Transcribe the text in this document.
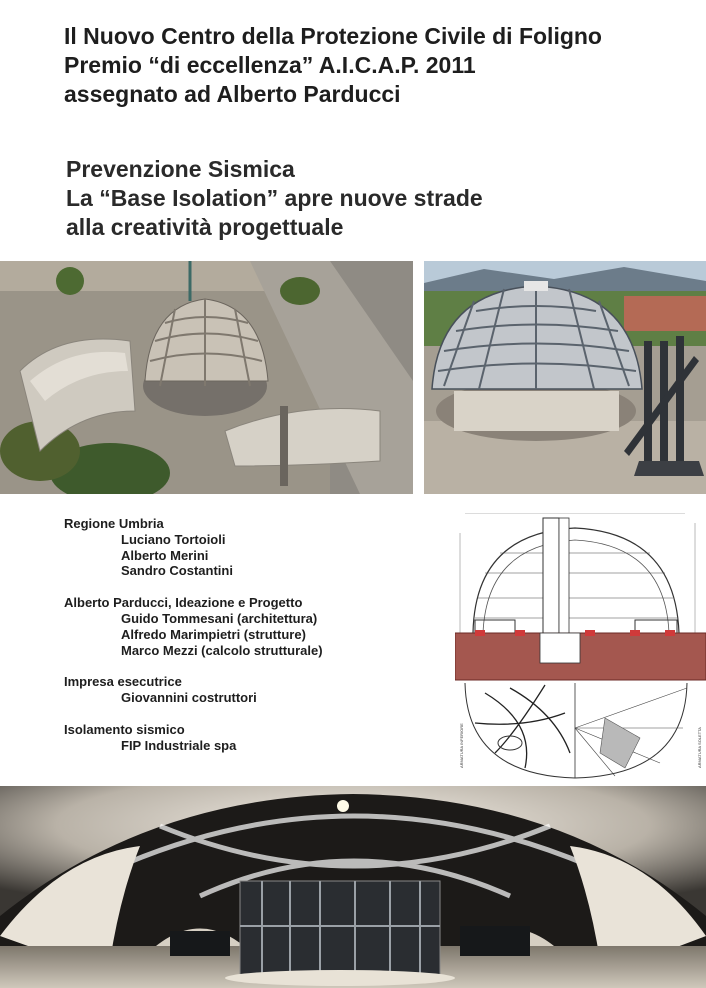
Il Nuovo Centro della Protezione Civile di Foligno
Premio “di eccellenza” A.I.C.A.P. 2011
assegnato ad Alberto Parducci
Prevenzione Sismica
La “Base Isolation” apre nuove strade
alla creatività progettuale
Regione Umbria
Luciano Tortoioli
Alberto Merini
Sandro Costantini
Alberto Parducci, Ideazione e Progetto
Guido Tommesani (architettura)
Alfredo Marimpietri (strutture)
Marco Mezzi (calcolo strutturale)
Impresa esecutrice
Giovannini costruttori
Isolamento sismico
FIP Industriale spa	ARMATURA INFERIORE	ARMATURA SOLETTA
